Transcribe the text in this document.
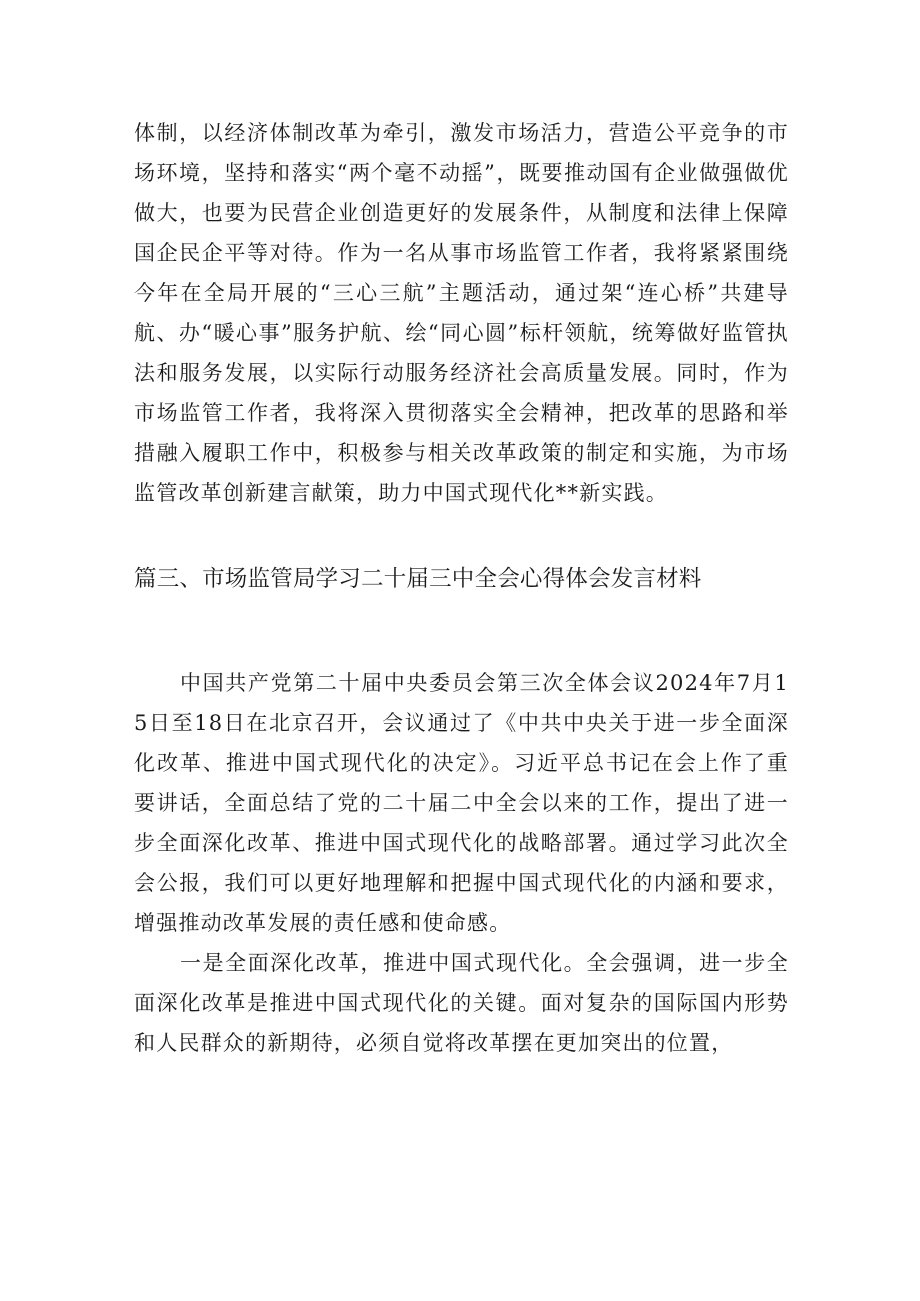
体制，以经济体制改革为牵引，激发市场活力，营造公平竞争的市场环境，坚持和落实“两个毫不动摇”，既要推动国有企业做强做优做大，也要为民营企业创造更好的发展条件，从制度和法律上保障国企民企平等对待。作为一名从事市场监管工作者，我将紧紧围绕今年在全局开展的“三心三航”主题活动，通过架“连心桥”共建导航、办“暖心事”服务护航、绘“同心圆”标杆领航，统筹做好监管执法和服务发展，以实际行动服务经济社会高质量发展。同时，作为市场监管工作者，我将深入贯彻落实全会精神，把改革的思路和举措融入履职工作中，积极参与相关改革政策的制定和实施，为市场监管改革创新建言献策，助力中国式现代化**新实践。

篇三、市场监管局学习二十届三中全会心得体会发言材料

中国共产党第二十届中央委员会第三次全体会议2024年7月15日至18日在北京召开，会议通过了《中共中央关于进一步全面深化改革、推进中国式现代化的决定》。习近平总书记在会上作了重要讲话，全面总结了党的二十届二中全会以来的工作，提出了进一步全面深化改革、推进中国式现代化的战略部署。通过学习此次全会公报，我们可以更好地理解和把握中国式现代化的内涵和要求，增强推动改革发展的责任感和使命感。

一是全面深化改革，推进中国式现代化。全会强调，进一步全面深化改革是推进中国式现代化的关键。面对复杂的国际国内形势和人民群众的新期待，必须自觉将改革摆在更加突出的位置，
